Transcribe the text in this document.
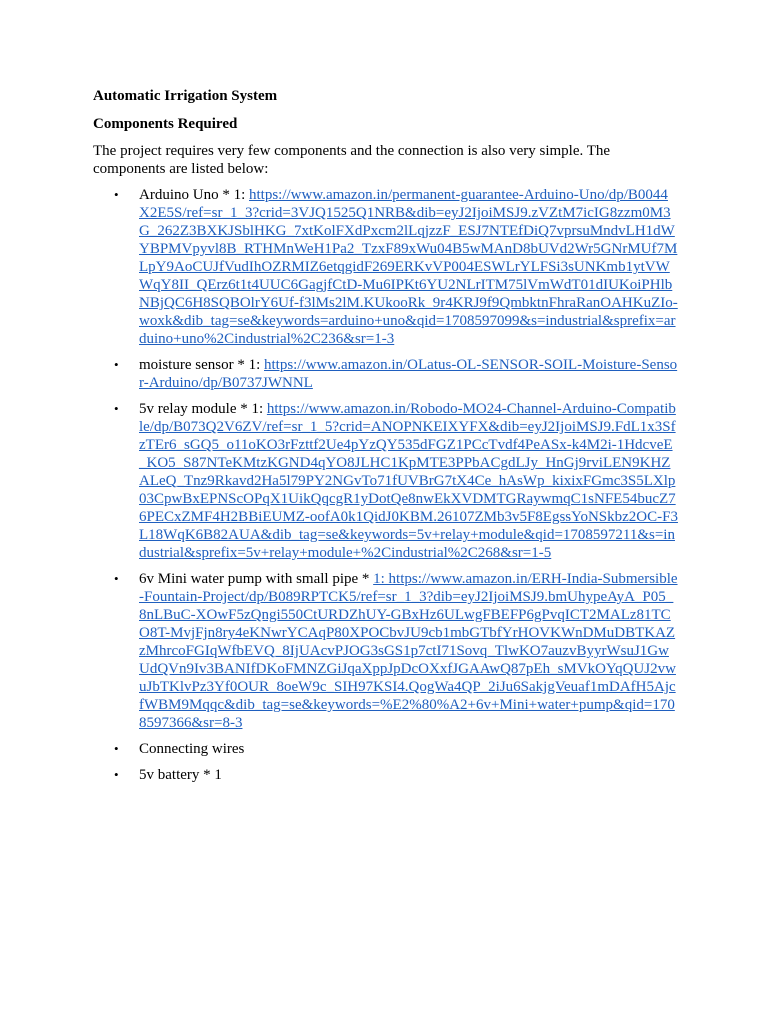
Automatic Irrigation System
Components Required
The project requires very few components and the connection is also very simple. The components are listed below:
• Arduino Uno * 1: https://www.amazon.in/permanent-guarantee-Arduino-Uno/dp/B0044X2E5S/ref=sr_1_3?crid=3VJQ1525Q1NRB&dib=eyJ2IjoiMSJ9.zVZtM7icIG8zzm0M3G_262Z3BXKJSblHKG_7xtKolFXdPxcm2lLqjzzF_ESJ7NTEfDiQ7vprsuMndvLH1dWYBPMVpyvl8B_RTHMnWeH1Pa2_TzxF89xWu04B5wMAnD8bUVd2Wr5GNrMUf7MLpY9AoCUJfVudIhOZRMIZ6etqgidF269ERKvVP004ESWLrYLFSi3sUNKmb1ytVWWqY8II_QErz6t1t4UUC6GagjfCtD-Mu6IPKt6YU2NLrITM75lVmWdT01dIUKoiPHlbNBjQC6H8SQBOlrY6Uf-f3lMs2lM.KUkooRk_9r4KRJ9f9QmbktnFhraRanOAHKuZIo-woxk&dib_tag=se&keywords=arduino+uno&qid=1708597099&s=industrial&sprefix=arduino+uno%2Cindustrial%2C236&sr=1-3
• moisture sensor * 1: https://www.amazon.in/OLatus-OL-SENSOR-SOIL-Moisture-Sensor-Arduino/dp/B0737JWNNL
• 5v relay module * 1: https://www.amazon.in/Robodo-MO24-Channel-Arduino-Compatible/dp/B073Q2V6ZV/ref=sr_1_5?crid=ANOPNKEIXYFX&dib=eyJ2IjoiMSJ9.FdL1x3SfzTEr6_sGQ5_o11oKO3rFzttf2Ue4pYzQY535dFGZ1PCcTvdf4PeASx-k4M2i-1HdcveE_KO5_S87NTeKMtzKGND4qYO8JLHC1KpMTE3PPbACgdLJy_HnGj9rviLEN9KHZALeQ_Tnz9Rkavd2Ha5l79PY2NGvTo71fUVBrG7tX4Ce_hAsWp_kixixFGmc3S5LXlp03CpwBxEPNScOPqX1UikQqcgR1yDotQe8nwEkXVDMTGRaywmqC1sNFE54bucZ76PECxZMF4H2BBiEUMZ-oofA0k1QidJ0KBM.26107ZMb3v5F8EgssYoNSkbz2OC-F3L18WqK6B82AUA&dib_tag=se&keywords=5v+relay+module&qid=1708597211&s=industrial&sprefix=5v+relay+module+%2Cindustrial%2C268&sr=1-5
• 6v Mini water pump with small pipe * 1: https://www.amazon.in/ERH-India-Submersible-Fountain-Project/dp/B089RPTCK5/ref=sr_1_3?dib=eyJ2IjoiMSJ9.bmUhypeAyA_P05_8nLBuC-XOwF5zQngi550CtURDZhUY-GBxHz6ULwgFBEFP6gPvqICT2MALz81TCO8T-MvjFjn8ry4eKNwrYCAqP80XPOCbvJU9cb1mbGTbfYrHOVKWnDMuDBTKAZzMhrcoFGIqWfbEVQ_8IjUAcvPJOG3sGS1p7ctI71Sovq_TlwKO7auzvByyrWsuJ1GwUdQVn9Iv3BANIfDKoFMNZGiJqaXppJpDcOXxfJGAAwQ87pEh_sMVkOYqQUJ2vwuJbTKlvPz3Yf0OUR_8oeW9c_SIH97KSI4.QogWa4QP_2iJu6SakjgVeuaf1mDAfH5AjcfWBM9Mqqc&dib_tag=se&keywords=%E2%80%A2+6v+Mini+water+pump&qid=1708597366&sr=8-3
• Connecting wires
• 5v battery * 1
